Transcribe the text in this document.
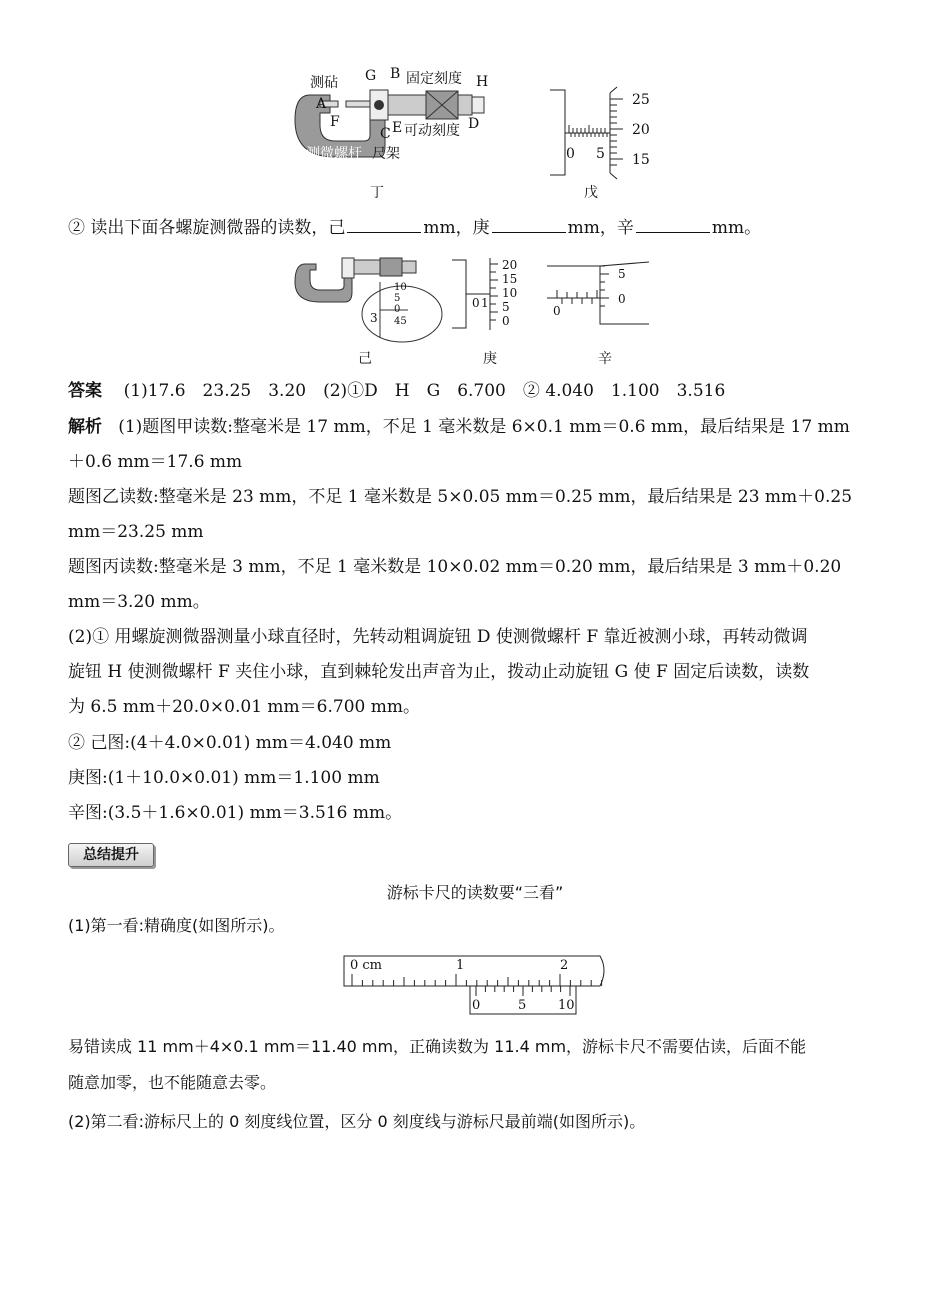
测砧
A
F
G B 固定刻度 H
C E 可动刻度 D
测微螺杆 尺架
丁
25
20
15
0 5
戊
② 读出下面各螺旋测微器的读数，己	mm，庚	mm，辛	mm。
10
5
0
45
3
己
20
15
10
5
0
0 1
庚
5
0
0
辛
答案 (1)17.6　23.25　3.20　(2)①D　H　G　6.700　② 4.040　1.100　3.516
解析 (1)题图甲读数:整毫米是 17 mm，不足 1 毫米数是 6×0.1 mm＝0.6 mm，最后结果是 17 mm
＋0.6 mm＝17.6 mm
题图乙读数:整毫米是 23 mm，不足 1 毫米数是 5×0.05 mm＝0.25 mm，最后结果是 23 mm＋0.25
mm＝23.25 mm
题图丙读数:整毫米是 3 mm，不足 1 毫米数是 10×0.02 mm＝0.20 mm，最后结果是 3 mm＋0.20
mm＝3.20 mm。
(2)① 用螺旋测微器测量小球直径时，先转动粗调旋钮 D 使测微螺杆 F 靠近被测小球，再转动微调
旋钮 H 使测微螺杆 F 夹住小球，直到棘轮发出声音为止，拨动止动旋钮 G 使 F 固定后读数，读数
为 6.5 mm＋20.0×0.01 mm＝6.700 mm。
② 己图:(4＋4.0×0.01) mm＝4.040 mm
庚图:(1＋10.0×0.01) mm＝1.100 mm
辛图:(3.5＋1.6×0.01) mm＝3.516 mm。
总结提升
游标卡尺的读数要“三看”
(1)第一看:精确度(如图所示)。
0 cm	1	2
0	5 10
易错读成 11 mm＋4×0.1 mm＝11.40 mm，正确读数为 11.4 mm，游标卡尺不需要估读，后面不能
随意加零，也不能随意去零。
(2)第二看:游标尺上的 0 刻度线位置，区分 0 刻度线与游标尺最前端(如图所示)。
